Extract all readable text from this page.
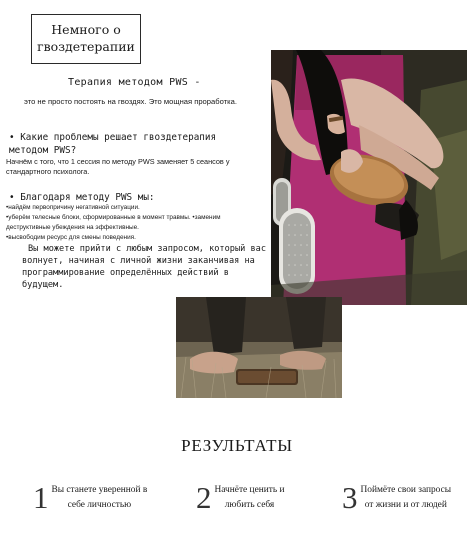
Немного о гвоздетерапии
Терапия методом PWS -
это не просто постоять на гвоздях. Это мощная проработка.
• Какие проблемы решает гвоздетерапия методом PWS?
Начнём с того, что 1 сессия по методу PWS заменяет 5 сеансов у стандартного психолога.
• Благодаря методу PWS мы:
•найдём первопричину негативной ситуации.
•уберём телесные блоки, сформированные в момент травмы. •заменим
деструктивные убеждения на эффективные.
•высвободим ресурс для смены поведения.
Вы можете прийти с любым запросом, который вас волнует, начиная с личной жизни заканчивая на программирование определённых действий в будущем.
РЕЗУЛЬТАТЫ
1 Вы станете уверенной в
себе личностью	2 Начнёте ценить и
любить себя	3 Поймёте свои запросы
от жизни и от людей
